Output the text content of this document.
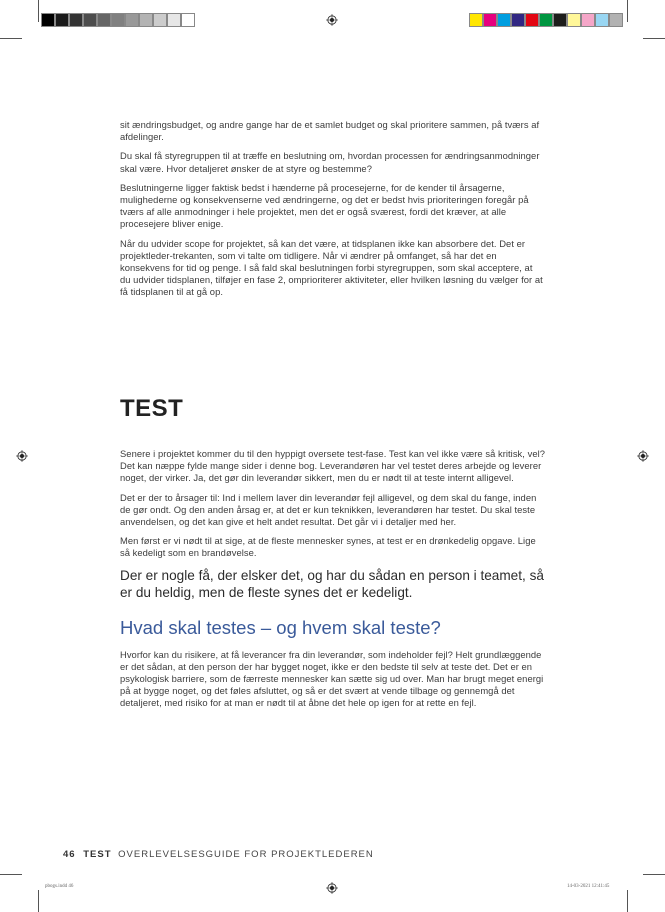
sit ændringsbudget, og andre gange har de et samlet budget og skal prioritere sammen, på tværs af afdelinger.

Du skal få styregruppen til at træffe en beslutning om, hvordan processen for ændringsanmodninger skal være. Hvor detaljeret ønsker de at styre og bestemme?

Beslutningerne ligger faktisk bedst i hænderne på procesejerne, for de kender til årsagerne, mulighederne og konsekvenserne ved ændringerne, og det er bedst hvis prioriteringen foregår på tværs af alle anmodninger i hele projektet, men det er også sværest, fordi det kræver, at alle procesejere bliver enige.

Når du udvider scope for projektet, så kan det være, at tidsplanen ikke kan absorbere det. Det er projektleder-trekanten, som vi talte om tidligere. Når vi ændrer på omfanget, så har det en konsekvens for tid og penge. I så fald skal beslutningen forbi styregruppen, som skal acceptere, at du udvider tidsplanen, tilføjer en fase 2, omprioriterer aktiviteter, eller hvilken løsning du vælger for at få tidsplanen til at gå op.

TEST

Senere i projektet kommer du til den hyppigt oversete test-fase. Test kan vel ikke være så kritisk, vel? Det kan næppe fylde mange sider i denne bog. Leverandøren har vel testet deres arbejde og leverer noget, der virker. Ja, det gør din leverandør sikkert, men du er nødt til at teste internt alligevel.

Det er der to årsager til: Ind i mellem laver din leverandør fejl alligevel, og dem skal du fange, inden de gør ondt. Og den anden årsag er, at det er kun teknikken, leverandøren har testet. Du skal teste anvendelsen, og det kan give et helt andet resultat. Det går vi i detaljer med her.

Men først er vi nødt til at sige, at de fleste mennesker synes, at test er en drønkedelig opgave. Lige så kedeligt som en brandøvelse.

Der er nogle få, der elsker det, og har du sådan en person i teamet, så er du heldig, men de fleste synes det er kedeligt.

Hvad skal testes – og hvem skal teste?

Hvorfor kan du risikere, at få leverancer fra din leverandør, som indeholder fejl? Helt grundlæggende er det sådan, at den person der har bygget noget, ikke er den bedste til selv at teste det. Det er en psykologisk barriere, som de færreste mennesker kan sætte sig ud over. Man har brugt meget energi på at bygge noget, og det føles afsluttet, og så er det svært at vende tilbage og gennemgå det detaljeret, med risiko for at man er nødt til at åbne det hele op igen for at rette en fejl.

46 TEST OVERLEVELSESGUIDE FOR PROJEKTLEDEREN
pbogs.indd 46	14-03-2021 12:41:45
